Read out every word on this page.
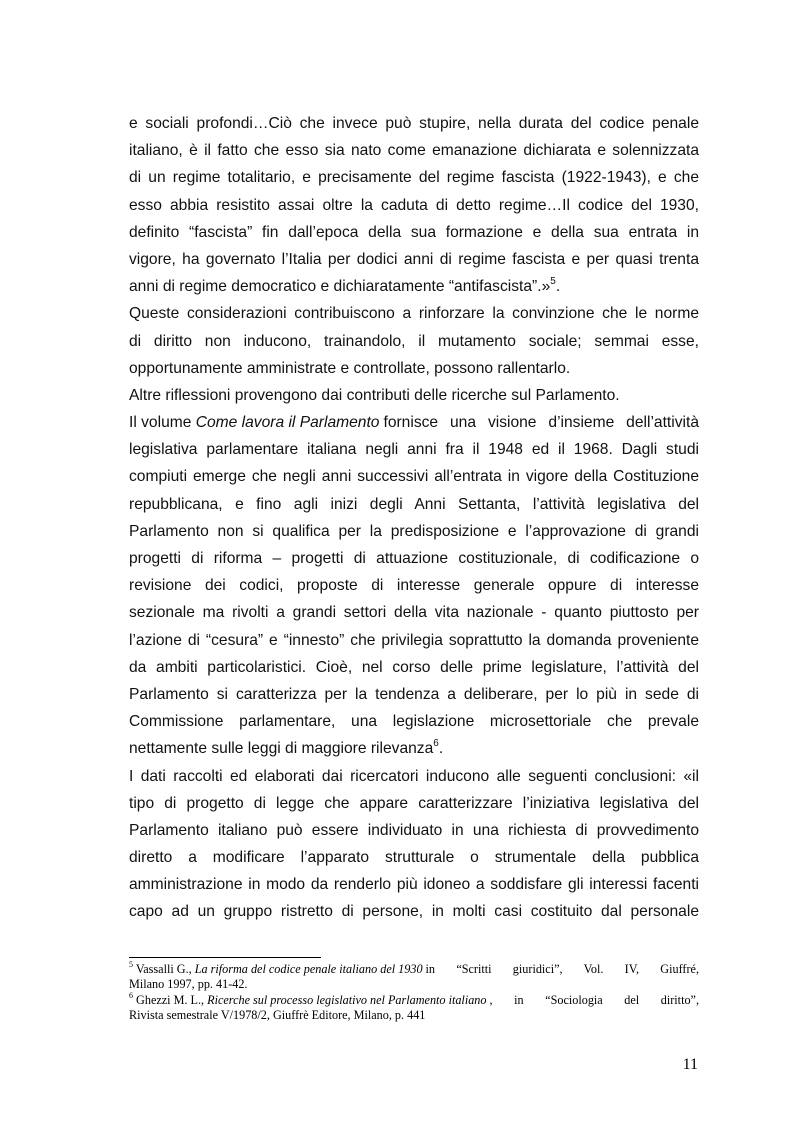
e sociali profondi…Ciò che invece può stupire, nella durata del codice penale
italiano, è il fatto che esso sia nato come emanazione dichiarata e solennizzata
di un regime totalitario, e precisamente del regime fascista (1922-1943), e che
esso abbia resistito assai oltre la caduta di detto regime…Il codice del 1930,
definito “fascista” fin dall’epoca della sua formazione e della sua entrata in
vigore, ha governato l’Italia per dodici anni di regime fascista e per quasi trenta
anni di regime democratico e dichiaratamente “antifascista”.»$^5$.
Queste considerazioni contribuiscono a rinforzare la convinzione che le norme
di diritto non inducono, trainandolo, il mutamento sociale; semmai esse,
opportunamente amministrate e controllate, possono rallentarlo.
Altre riflessioni provengono dai contributi delle ricerche sul Parlamento.
Il volume Come lavora il Parlamento fornisce una visione d’insieme dell’attività
legislativa parlamentare italiana negli anni fra il 1948 ed il 1968. Dagli studi
compiuti emerge che negli anni successivi all’entrata in vigore della Costituzione
repubblicana, e fino agli inizi degli Anni Settanta, l’attività legislativa del
Parlamento non si qualifica per la predisposizione e l’approvazione di grandi
progetti di riforma – progetti di attuazione costituzionale, di codificazione o
revisione dei codici, proposte di interesse generale oppure di interesse
sezionale ma rivolti a grandi settori della vita nazionale - quanto piuttosto per
l’azione di “cesura” e “innesto” che privilegia soprattutto la domanda proveniente
da ambiti particolaristici. Cioè, nel corso delle prime legislature, l’attività del
Parlamento si caratterizza per la tendenza a deliberare, per lo più in sede di
Commissione parlamentare, una legislazione microsettoriale che prevale
nettamente sulle leggi di maggiore rilevanza$^6$.
I dati raccolti ed elaborati dai ricercatori inducono alle seguenti conclusioni: «il
tipo di progetto di legge che appare caratterizzare l’iniziativa legislativa del
Parlamento italiano può essere individuato in una richiesta di provvedimento
diretto a modificare l’apparato strutturale o strumentale della pubblica
amministrazione in modo da renderlo più idoneo a soddisfare gli interessi facenti
capo ad un gruppo ristretto di persone, in molti casi costituito dal personale
$^5$ Vassalli G., La riforma del codice penale italiano del 1930 in “Scritti giuridici”, Vol. IV, Giuffré,
Milano 1997, pp. 41-42.
$^6$ Ghezzi M. L., Ricerche sul processo legislativo nel Parlamento italiano , in “Sociologia del diritto”,
Rivista semestrale V/1978/2, Giuffrè Editore, Milano, p. 441
11
